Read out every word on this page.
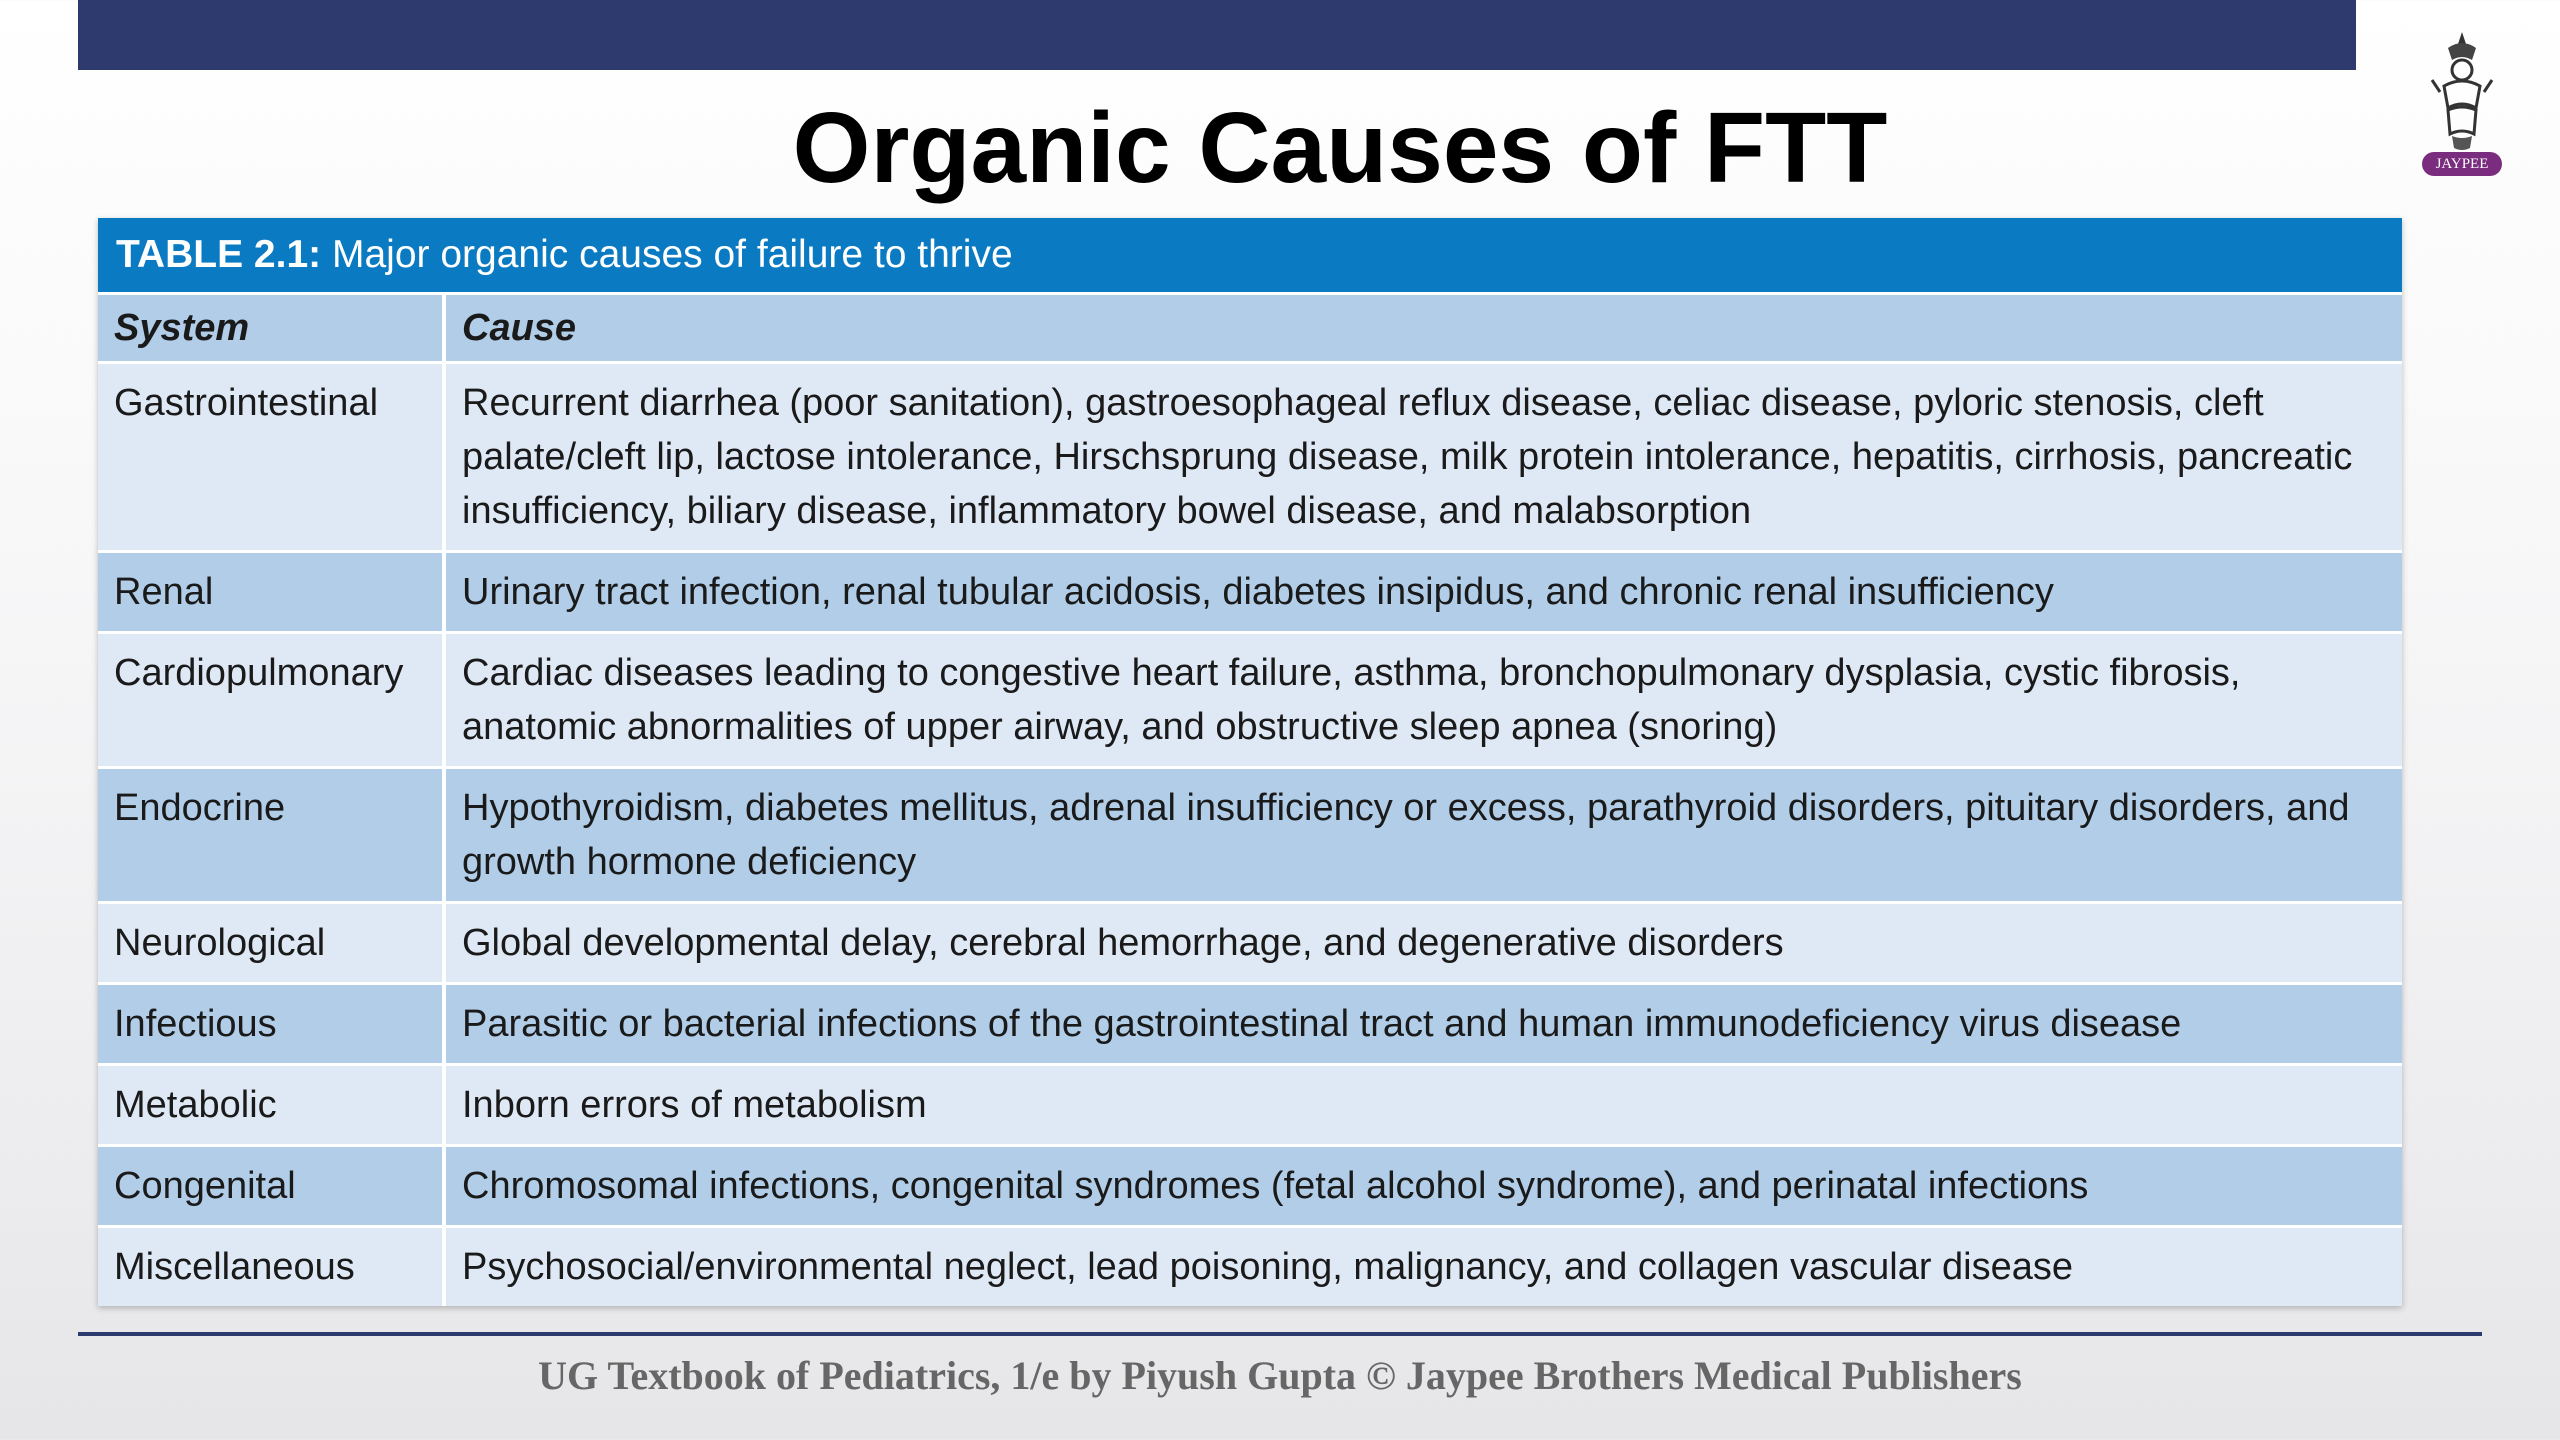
JAYPEE
Organic Causes of FTT
TABLE 2.1: Major organic causes of failure to thrive
System	Cause
Gastrointestinal	Recurrent diarrhea (poor sanitation), gastroesophageal reflux disease, celiac disease, pyloric stenosis, cleft palate/cleft lip, lactose intolerance, Hirschsprung disease, milk protein intolerance, hepatitis, cirrhosis, pancreatic insufficiency, biliary disease, inflammatory bowel disease, and malabsorption
Renal	Urinary tract infection, renal tubular acidosis, diabetes insipidus, and chronic renal insufficiency
Cardiopulmonary	Cardiac diseases leading to congestive heart failure, asthma, bronchopulmonary dysplasia, cystic fibrosis, anatomic abnormalities of upper airway, and obstructive sleep apnea (snoring)
Endocrine	Hypothyroidism, diabetes mellitus, adrenal insufficiency or excess, parathyroid disorders, pituitary disorders, and growth hormone deficiency
Neurological	Global developmental delay, cerebral hemorrhage, and degenerative disorders
Infectious	Parasitic or bacterial infections of the gastrointestinal tract and human immunodeficiency virus disease
Metabolic	Inborn errors of metabolism
Congenital	Chromosomal infections, congenital syndromes (fetal alcohol syndrome), and perinatal infections
Miscellaneous	Psychosocial/environmental neglect, lead poisoning, malignancy, and collagen vascular disease
UG Textbook of Pediatrics, 1/e by Piyush Gupta © Jaypee Brothers Medical Publishers
